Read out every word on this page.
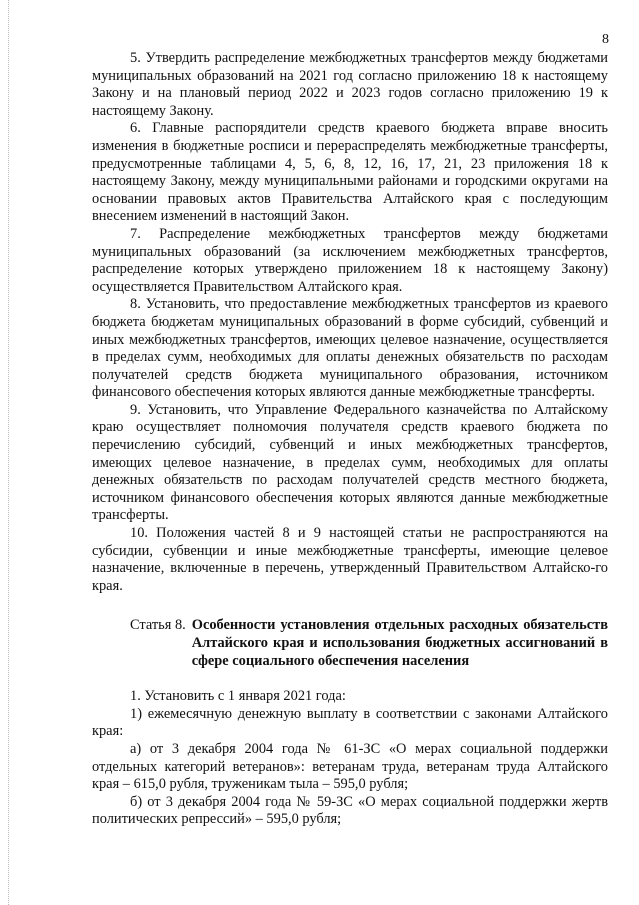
8

5. Утвердить распределение межбюджетных трансфертов между бюджетами муниципальных образований на 2021 год согласно приложению 18 к настоящему Закону и на плановый период 2022 и 2023 годов согласно приложению 19 к настоящему Закону.

6. Главные распорядители средств краевого бюджета вправе вносить изменения в бюджетные росписи и перераспределять межбюджетные трансферты, предусмотренные таблицами 4, 5, 6, 8, 12, 16, 17, 21, 23 приложения 18 к настоящему Закону, между муниципальными районами и городскими округами на основании правовых актов Правительства Алтайского края с последующим внесением изменений в настоящий Закон.

7. Распределение межбюджетных трансфертов между бюджетами муниципальных образований (за исключением межбюджетных трансфертов, распределение которых утверждено приложением 18 к настоящему Закону) осуществляется Правительством Алтайского края.

8. Установить, что предоставление межбюджетных трансфертов из краевого бюджета бюджетам муниципальных образований в форме субсидий, субвенций и иных межбюджетных трансфертов, имеющих целевое назначение, осуществляется в пределах сумм, необходимых для оплаты денежных обязательств по расходам получателей средств бюджета муниципального образования, источником финансового обеспечения которых являются данные межбюджетные трансферты.

9. Установить, что Управление Федерального казначейства по Алтайскому краю осуществляет полномочия получателя средств краевого бюджета по перечислению субсидий, субвенций и иных межбюджетных трансфертов, имеющих целевое назначение, в пределах сумм, необходимых для оплаты денежных обязательств по расходам получателей средств местного бюджета, источником финансового обеспечения которых являются данные межбюджетные трансферты.

10. Положения частей 8 и 9 настоящей статьи не распространяются на субсидии, субвенции и иные межбюджетные трансферты, имеющие целевое назначение, включенные в перечень, утвержденный Правительством Алтайско-го края.

Статья 8. Особенности установления отдельных расходных обязательств Алтайского края и использования бюджетных ассигнований в сфере социального обеспечения населения

1. Установить с 1 января 2021 года:

1) ежемесячную денежную выплату в соответствии с законами Алтайского края:

а) от 3 декабря 2004 года № 61-ЗС «О мерах социальной поддержки отдельных категорий ветеранов»: ветеранам труда, ветеранам труда Алтайского края – 615,0 рубля, труженикам тыла – 595,0 рубля;

б) от 3 декабря 2004 года № 59-ЗС «О мерах социальной поддержки жертв политических репрессий» – 595,0 рубля;
